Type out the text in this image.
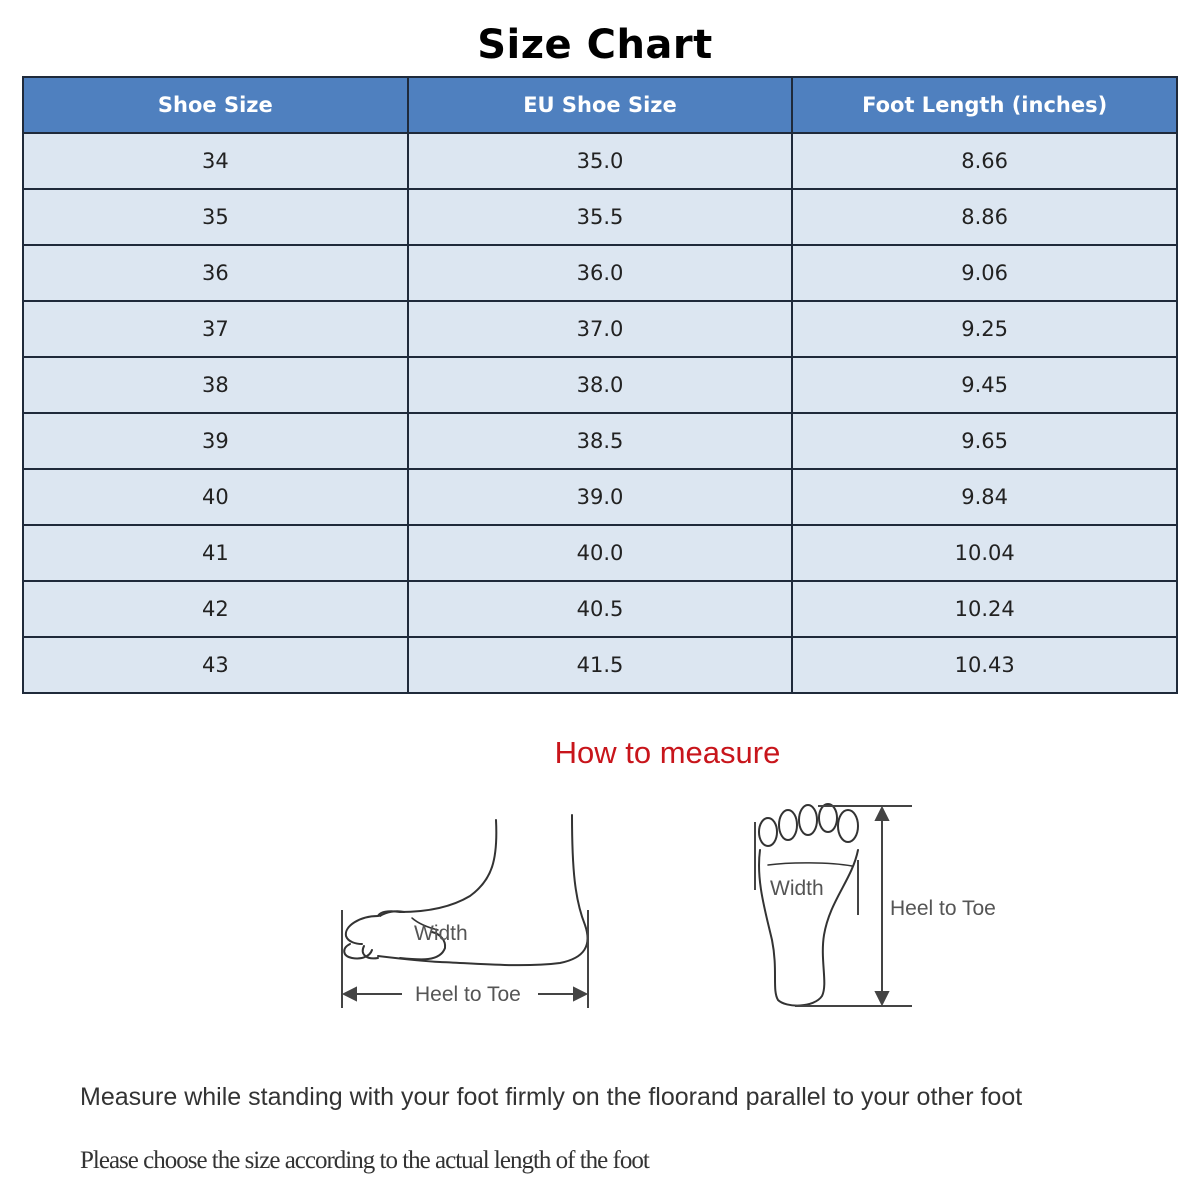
Size Chart
Shoe Size	EU Shoe Size	Foot Length (inches)
34	35.0	8.66
35	35.5	8.86
36	36.0	9.06
37	37.0	9.25
38	38.0	9.45
39	38.5	9.65
40	39.0	9.84
41	40.0	10.04
42	40.5	10.24
43	41.5	10.43
How to measure
Width
Heel to Toe
Width
Heel to Toe
Measure while standing with your foot firmly on the floorand parallel to your other foot
Please choose the size according to the actual length of the foot
